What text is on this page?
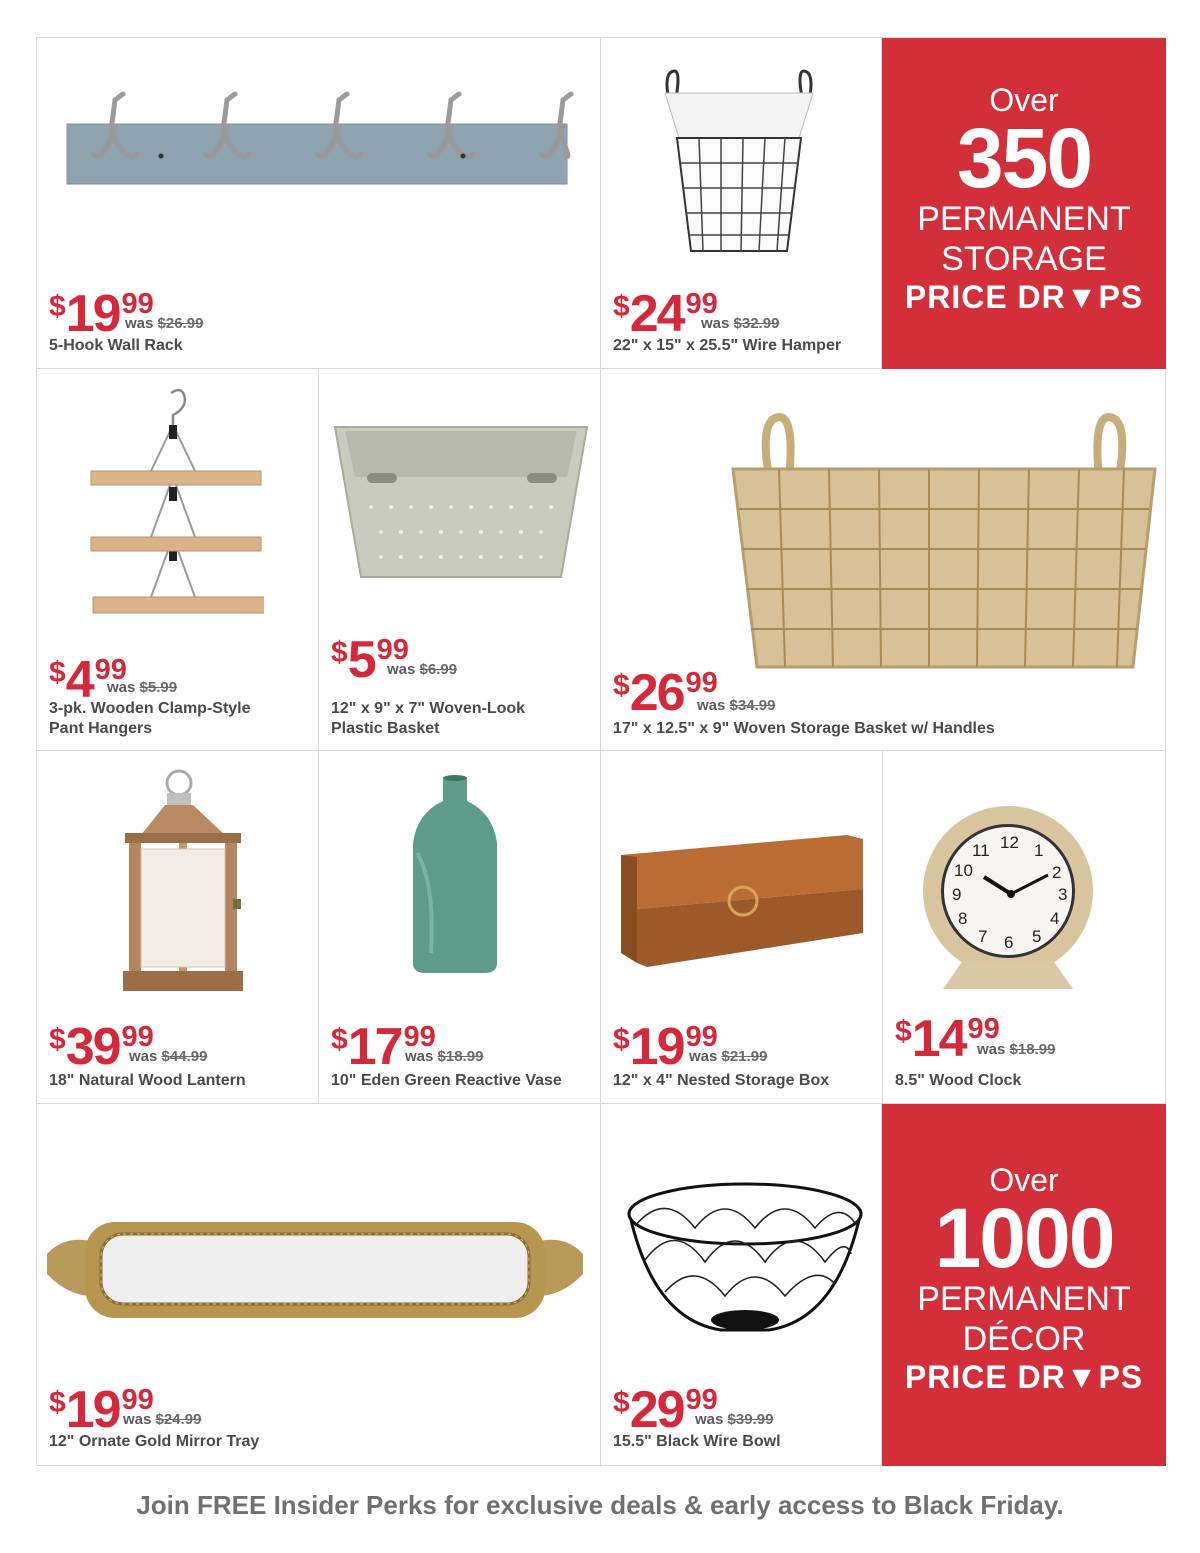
$ 19 99
was $26.99
5-Hook Wall Rack
$ 24 99
was $32.99
22" x 15" x 25.5" Wire Hamper
Over
350
PERMANENT
STORAGE
PRICE DR▼PS
$ 4 99
was $5.99
3-pk. Wooden Clamp-Style Pant Hangers
$ 5 99
was $6.99
12" x 9" x 7" Woven-Look Plastic Basket
$ 26 99
was $34.99
17" x 12.5" x 9" Woven Storage Basket w/ Handles
$ 39 99
was $44.99
18" Natural Wood Lantern
$ 17 99
was $18.99
10" Eden Green Reactive Vase
$ 19 99
was $21.99
12" x 4" Nested Storage Box
12 1
2
3
4
5
6
7
8
9
10
11
$ 14 99
was $18.99
8.5" Wood Clock
$ 19 99
was $24.99
12" Ornate Gold Mirror Tray
$ 29 99
was $39.99
15.5" Black Wire Bowl
Over
1000
PERMANENT
DÉCOR
PRICE DR▼PS
Join FREE Insider Perks for exclusive deals & early access to Black Friday.
